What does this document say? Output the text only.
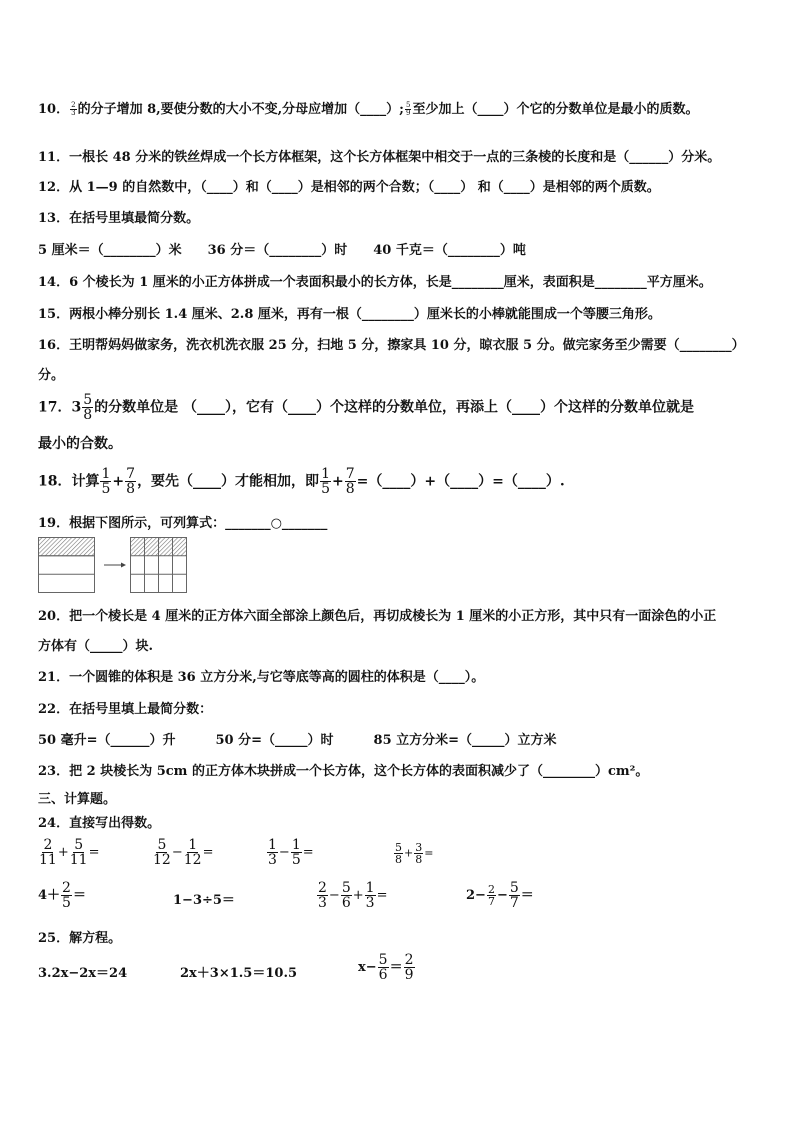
10． $\frac{2}{3}$ 的分子增加 8,要使分数的大小不变,分母应增加（____）; $\frac{5}{9}$ 至少加上（____）个它的分数单位是最小的质数。
11．一根长 48 分米的铁丝焊成一个长方体框架，这个长方体框架中相交于一点的三条棱的长度和是（______）分米。
12．从 1—9 的自然数中，（____）和（____）是相邻的两个合数；（____） 和（____）是相邻的两个质数。
13．在括号里填最简分数。
5 厘米＝（________）米 36 分＝（________）时 40 千克＝（________）吨
14．6 个棱长为 1 厘米的小正方体拼成一个表面积最小的长方体，长是________厘米，表面积是________平方厘米。
15．两根小棒分别长 1.4 厘米、2.8 厘米，再有一根（________）厘米长的小棒就能围成一个等腰三角形。
16．王明帮妈妈做家务，洗衣机洗衣服 25 分，扫地 5 分，擦家具 10 分，晾衣服 5 分。做完家务至少需要（________）
分。
17．$3 \frac{5}{8}$ 的分数单位是 （____），它有（____）个这样的分数单位，再添上（____）个这样的分数单位就是
最小的合数。
18．计算 $\frac{1}{5} + \frac{7}{8}$ ，要先（____）才能相加，即 $\frac{1}{5} + \frac{7}{8}$ =（____）+（____）=（____）.
19．根据下图所示，可列算式：_______○_______
20．把一个棱长是 4 厘米的正方体六面全部涂上颜色后，再切成棱长为 1 厘米的小正方形，其中只有一面涂色的小正
方体有（_____）块.
21．一个圆锥的体积是 36 立方分米,与它等底等高的圆柱的体积是（____）。
22．在括号里填上最简分数：
50 毫升=（______）升	50 分=（_____）时	85 立方分米=（_____）立方米
23．把 2 块棱长为 5cm 的正方体木块拼成一个长方体，这个长方体的表面积减少了（________）cm²。
三、计算题。
24．直接写出得数。
$\frac{2}{11} + \frac{5}{11}$ =	$\frac{5}{12} - \frac{1}{12}$ =	$\frac{1}{3} - \frac{1}{5}$ =	$\frac{5}{8} + \frac{3}{8}$ =
$4+ \frac{2}{5}$ ＝	1−3÷5＝	$\frac{2}{3} - \frac{5}{6} + \frac{1}{3}$ =	$2- \frac{2}{7} - \frac{5}{7}$ ＝
25．解方程。
3.2x−2x＝24	2x＋3×1.5＝10.5	$x- \frac{5}{6} = \frac{2}{9}$
